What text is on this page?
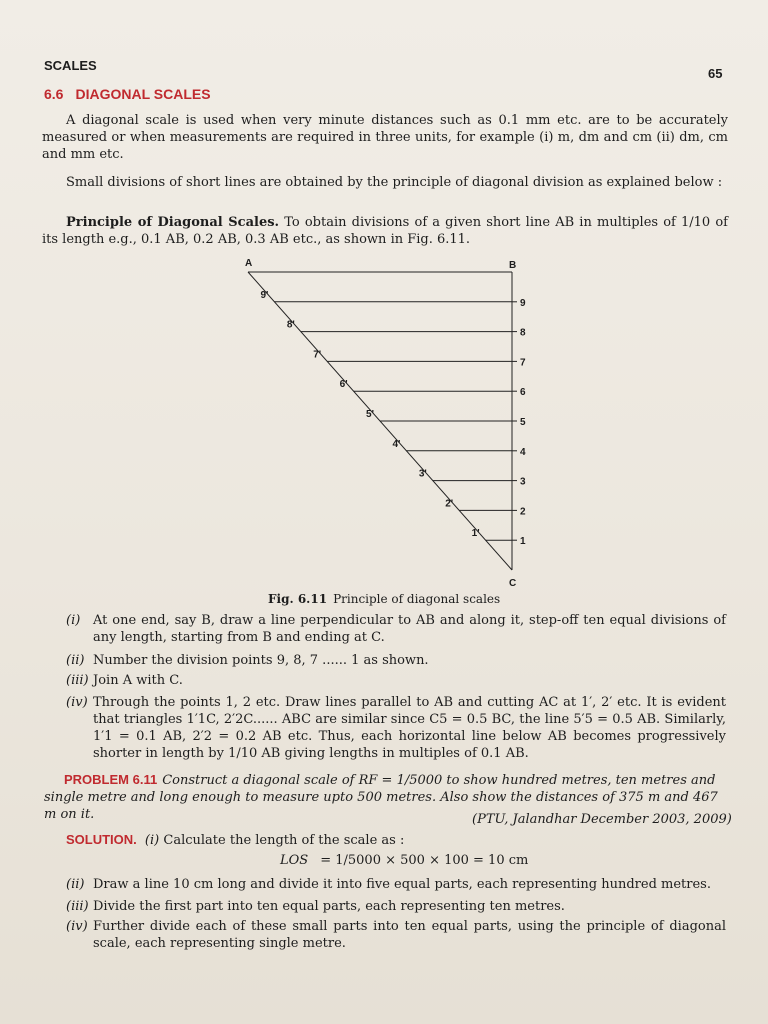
SCALES
65
6.6 DIAGONAL SCALES
A diagonal scale is used when very minute distances such as 0.1 mm etc. are to be accurately measured or when measurements are required in three units, for example (i) m, dm and cm (ii) dm, cm and mm etc.
Small divisions of short lines are obtained by the principle of diagonal division as explained below :
Principle of Diagonal Scales. To obtain divisions of a given short line AB in multiples of 1/10 of its length e.g., 0.1 AB, 0.2 AB, 0.3 AB etc., as shown in Fig. 6.11.
9
9'
8
8'
7
7'
6
6'
5
5'
4
4'
3
3'
2
2'
1
1'
A	B
C
Fig. 6.11 Principle of diagonal scales
(i) At one end, say B, draw a line perpendicular to AB and along it, step-off ten equal divisions of any length, starting from B and ending at C.
(ii) Number the division points 9, 8, 7 ...... 1 as shown.
(iii) Join A with C.
(iv) Through the points 1, 2 etc. Draw lines parallel to AB and cutting AC at 1′, 2′ etc. It is evident that triangles 1′1C, 2′2C...... ABC are similar since C5 = 0.5 BC, the line 5′5 = 0.5 AB. Similarly, 1′1 = 0.1 AB, 2′2 = 0.2 AB etc. Thus, each horizontal line below AB becomes progressively shorter in length by 1/10 AB giving lengths in multiples of 0.1 AB.
PROBLEM 6.11 Construct a diagonal scale of RF = 1/5000 to show hundred metres, ten metres and single metre and long enough to measure upto 500 metres. Also show the distances of 375 m and 467 m on it.	(PTU, Jalandhar December 2003, 2009)
SOLUTION. (i) Calculate the length of the scale as :
LOS = 1/5000 × 500 × 100 = 10 cm
(ii) Draw a line 10 cm long and divide it into five equal parts, each representing hundred metres.
(iii) Divide the first part into ten equal parts, each representing ten metres.
(iv) Further divide each of these small parts into ten equal parts, using the principle of diagonal scale, each representing single metre.
